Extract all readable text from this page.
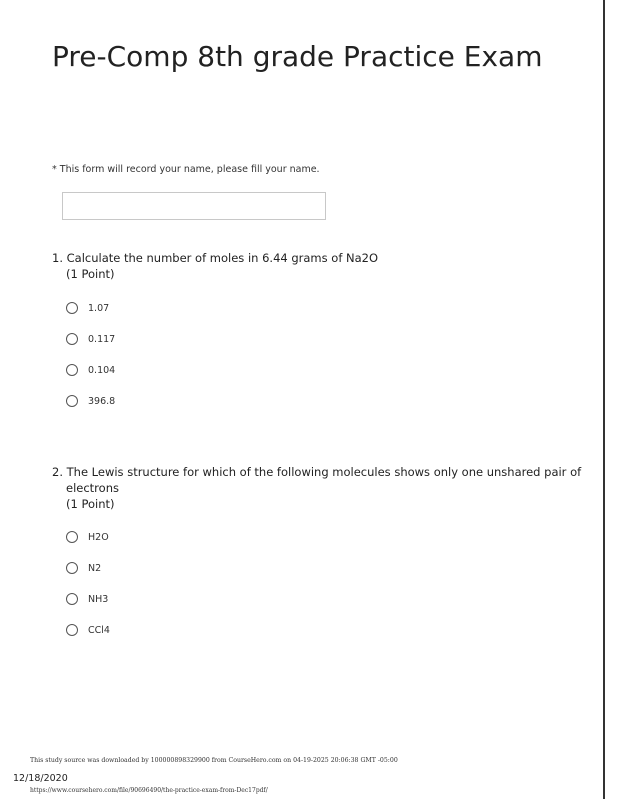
Pre-Comp 8th grade Practice Exam
* This form will record your name, please fill your name.
1. Calculate the number of moles in 6.44 grams of Na2O
(1 Point)
1.07
0.117
0.104
396.8
2. The Lewis structure for which of the following molecules shows only one unshared pair of electrons
(1 Point)
H2O
N2
NH3
CCl4
This study source was downloaded by 100000898329900 from CourseHero.com on 04-19-2025 20:06:38 GMT -05:00
12/18/2020
https://www.coursehero.com/file/90696490/the-practice-exam-from-Dec17pdf/
